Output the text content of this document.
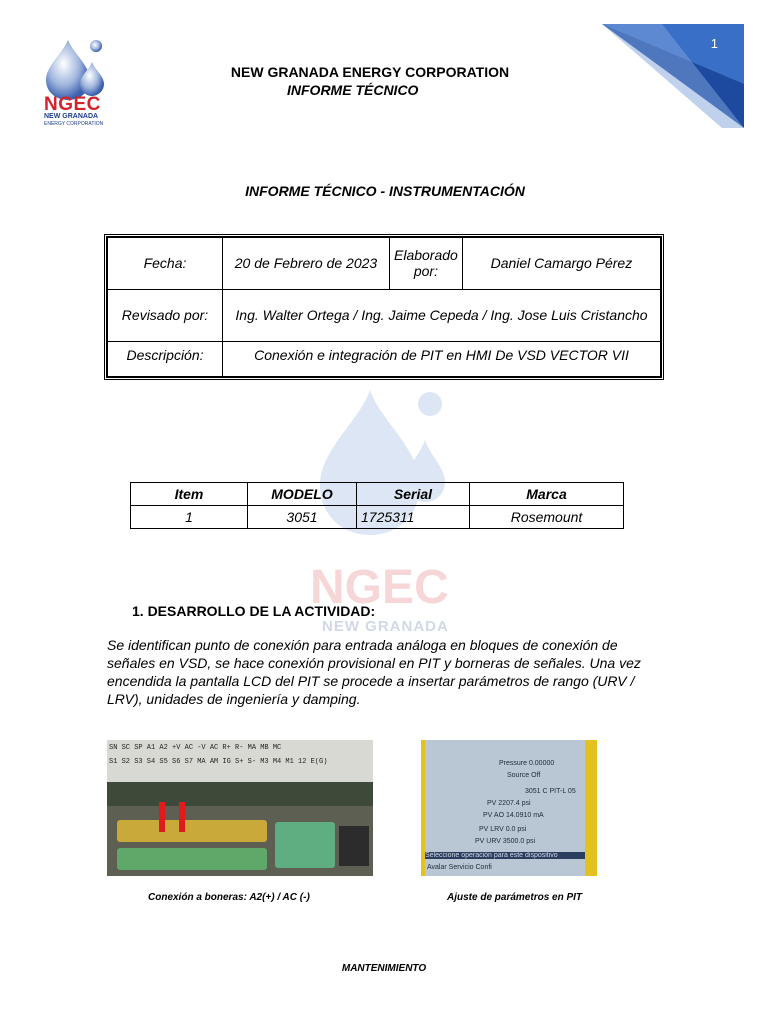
1
NGEC
NEW GRANADA
ENERGY CORPORATION
NEW GRANADA ENERGY CORPORATION
INFORME TÉCNICO
INFORME TÉCNICO - INSTRUMENTACIÓN
NGEC
NEW GRANADA
Fecha:	20 de Febrero de 2023	Elaborado por:	Daniel Camargo Pérez
Revisado por:	Ing. Walter Ortega / Ing. Jaime Cepeda / Ing. Jose Luis Cristancho		
Descripción:	Conexión e integración de PIT en HMI De VSD VECTOR VII		
Item	MODELO	Serial	Marca
1	3051	1725311	Rosemount
1. DESARROLLO DE LA ACTIVIDAD:
Se identifican punto de conexión para entrada análoga en bloques de conexión de señales en VSD, se hace conexión provisional en PIT y borneras de señales. Una vez encendida la pantalla LCD del PIT se procede a insertar parámetros de rango (URV / LRV), unidades de ingeniería y damping.
SN SC SP A1 A2 +V AC -V AC R+ R- MA MB MC
S1 S2 S3 S4 S5 S6 S7 MA AM IG S+ S- M3 M4 M1 12 E(G)	Pressure 0.00000
Source Off
3051 C PIT-L 05
PV 2207.4 psi
PV AO 14.0910 mA
PV LRV 0.0 psi
PV URV 3500.0 psi
Seleccione operación para este dispositivo
Avalar Servicio Confi
Conexión a boneras: A2(+) / AC (-)	Ajuste de parámetros en PIT
MANTENIMIENTO
